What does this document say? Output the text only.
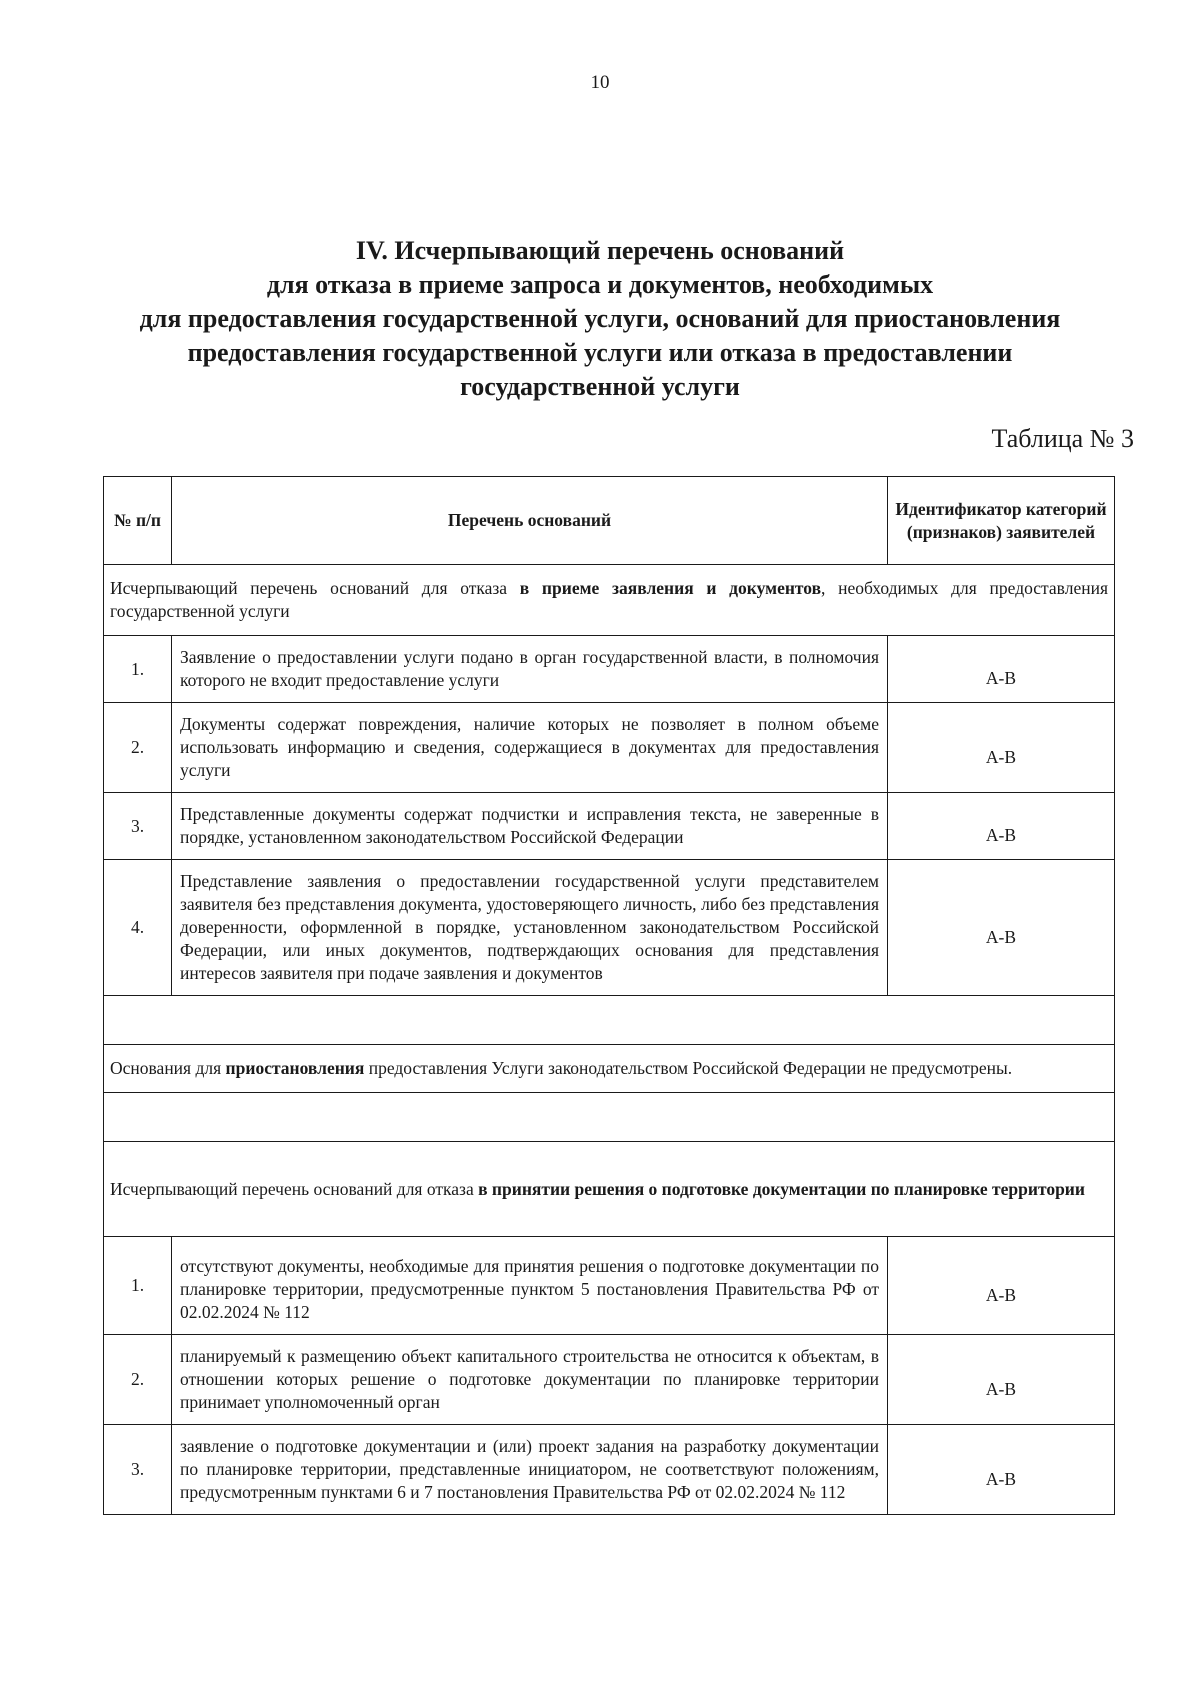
10
IV. Исчерпывающий перечень оснований
для отказа в приеме запроса и документов, необходимых
для предоставления государственной услуги, оснований для приостановления
предоставления государственной услуги или отказа в предоставлении
государственной услуги
Таблица № 3
№ п/п	Перечень оснований	Идентификатор категорий (признаков) заявителей
Исчерпывающий перечень оснований для отказа в приеме заявления и документов, необходимых для предоставления государственной услуги		
1.	Заявление о предоставлении услуги подано в орган государственной власти, в полномочия которого не входит предоставление услуги	А-В
2.	Документы содержат повреждения, наличие которых не позволяет в полном объеме использовать информацию и сведения, содержащиеся в документах для предоставления услуги	А-В
3.	Представленные документы содержат подчистки и исправления текста, не заверенные в порядке, установленном законодательством Российской Федерации	А-В
4.	Представление заявления о предоставлении государственной услуги представителем заявителя без представления документа, удостоверяющего личность, либо без представления доверенности, оформленной в порядке, установленном законодательством Российской Федерации, или иных документов, подтверждающих основания для представления интересов заявителя при подаче заявления и документов	А-В

Основания для приостановления предоставления Услуги законодательством Российской Федерации не предусмотрены.		

Исчерпывающий перечень оснований для отказа в принятии решения о подготовке документации по планировке территории		
1.	отсутствуют документы, необходимые для принятия решения о подготовке документации по планировке территории, предусмотренные пунктом 5 постановления Правительства РФ от 02.02.2024 № 112	А-В
2.	планируемый к размещению объект капитального строительства не относится к объектам, в отношении которых решение о подготовке документации по планировке территории принимает уполномоченный орган	А-В
3.	заявление о подготовке документации и (или) проект задания на разработку документации по планировке территории, представленные инициатором, не соответствуют положениям, предусмотренным пунктами 6 и 7 постановления Правительства РФ от 02.02.2024 № 112	А-В
